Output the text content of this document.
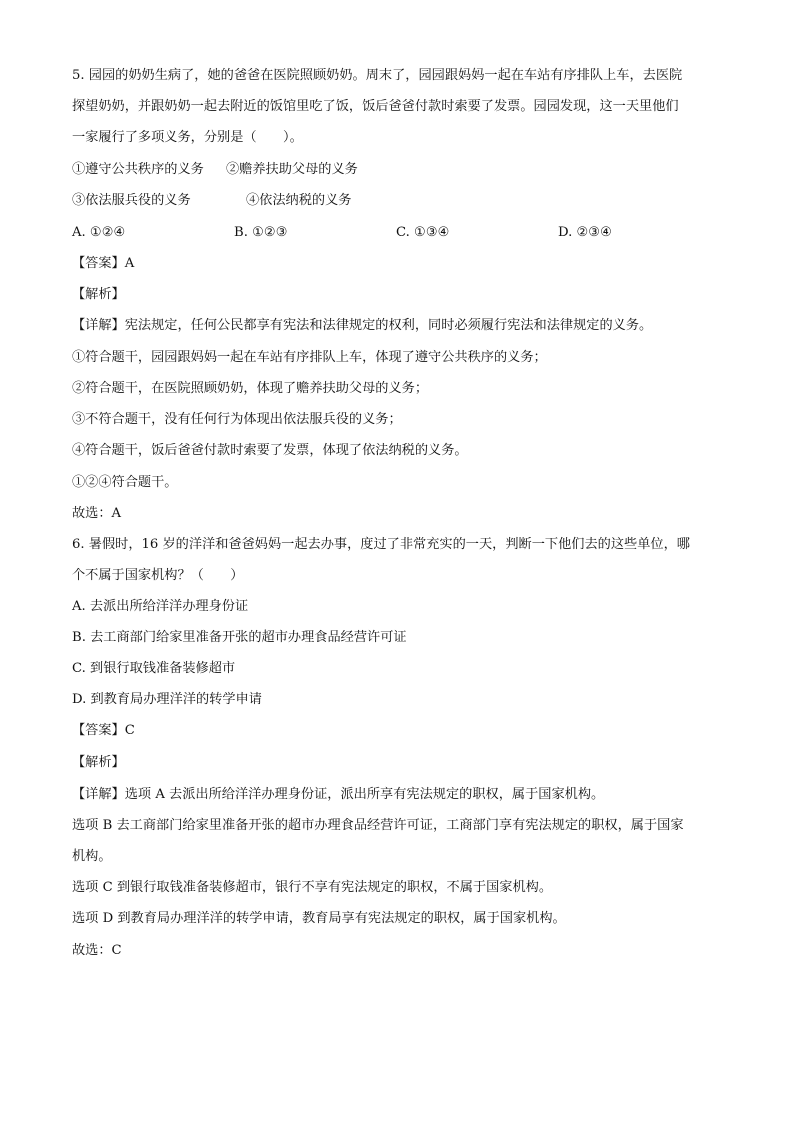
5. 园园的奶奶生病了，她的爸爸在医院照顾奶奶。周末了，园园跟妈妈一起在车站有序排队上车，去医院
探望奶奶，并跟奶奶一起去附近的饭馆里吃了饭，饭后爸爸付款时索要了发票。园园发现，这一天里他们
一家履行了多项义务，分别是（　　）。
①遵守公共秩序的义务 ②赡养扶助父母的义务
③依法服兵役的义务	④依法纳税的义务
A. ①②④	B. ①②③	C. ①③④	D. ②③④
【答案】A
【解析】
【详解】宪法规定，任何公民都享有宪法和法律规定的权利，同时必须履行宪法和法律规定的义务。
①符合题干，园园跟妈妈一起在车站有序排队上车，体现了遵守公共秩序的义务；
②符合题干，在医院照顾奶奶，体现了赡养扶助父母的义务；
③不符合题干，没有任何行为体现出依法服兵役的义务；
④符合题干，饭后爸爸付款时索要了发票，体现了依法纳税的义务。
①②④符合题干。
故选：A
6. 暑假时，16 岁的洋洋和爸爸妈妈一起去办事，度过了非常充实的一天，判断一下他们去的这些单位，哪
个不属于国家机构？（　　）
A. 去派出所给洋洋办理身份证
B. 去工商部门给家里准备开张的超市办理食品经营许可证
C. 到银行取钱准备装修超市
D. 到教育局办理洋洋的转学申请
【答案】C
【解析】
【详解】选项 A 去派出所给洋洋办理身份证，派出所享有宪法规定的职权，属于国家机构。
选项 B 去工商部门给家里准备开张的超市办理食品经营许可证，工商部门享有宪法规定的职权，属于国家
机构。
选项 C 到银行取钱准备装修超市，银行不享有宪法规定的职权，不属于国家机构。
选项 D 到教育局办理洋洋的转学申请，教育局享有宪法规定的职权，属于国家机构。
故选：C
